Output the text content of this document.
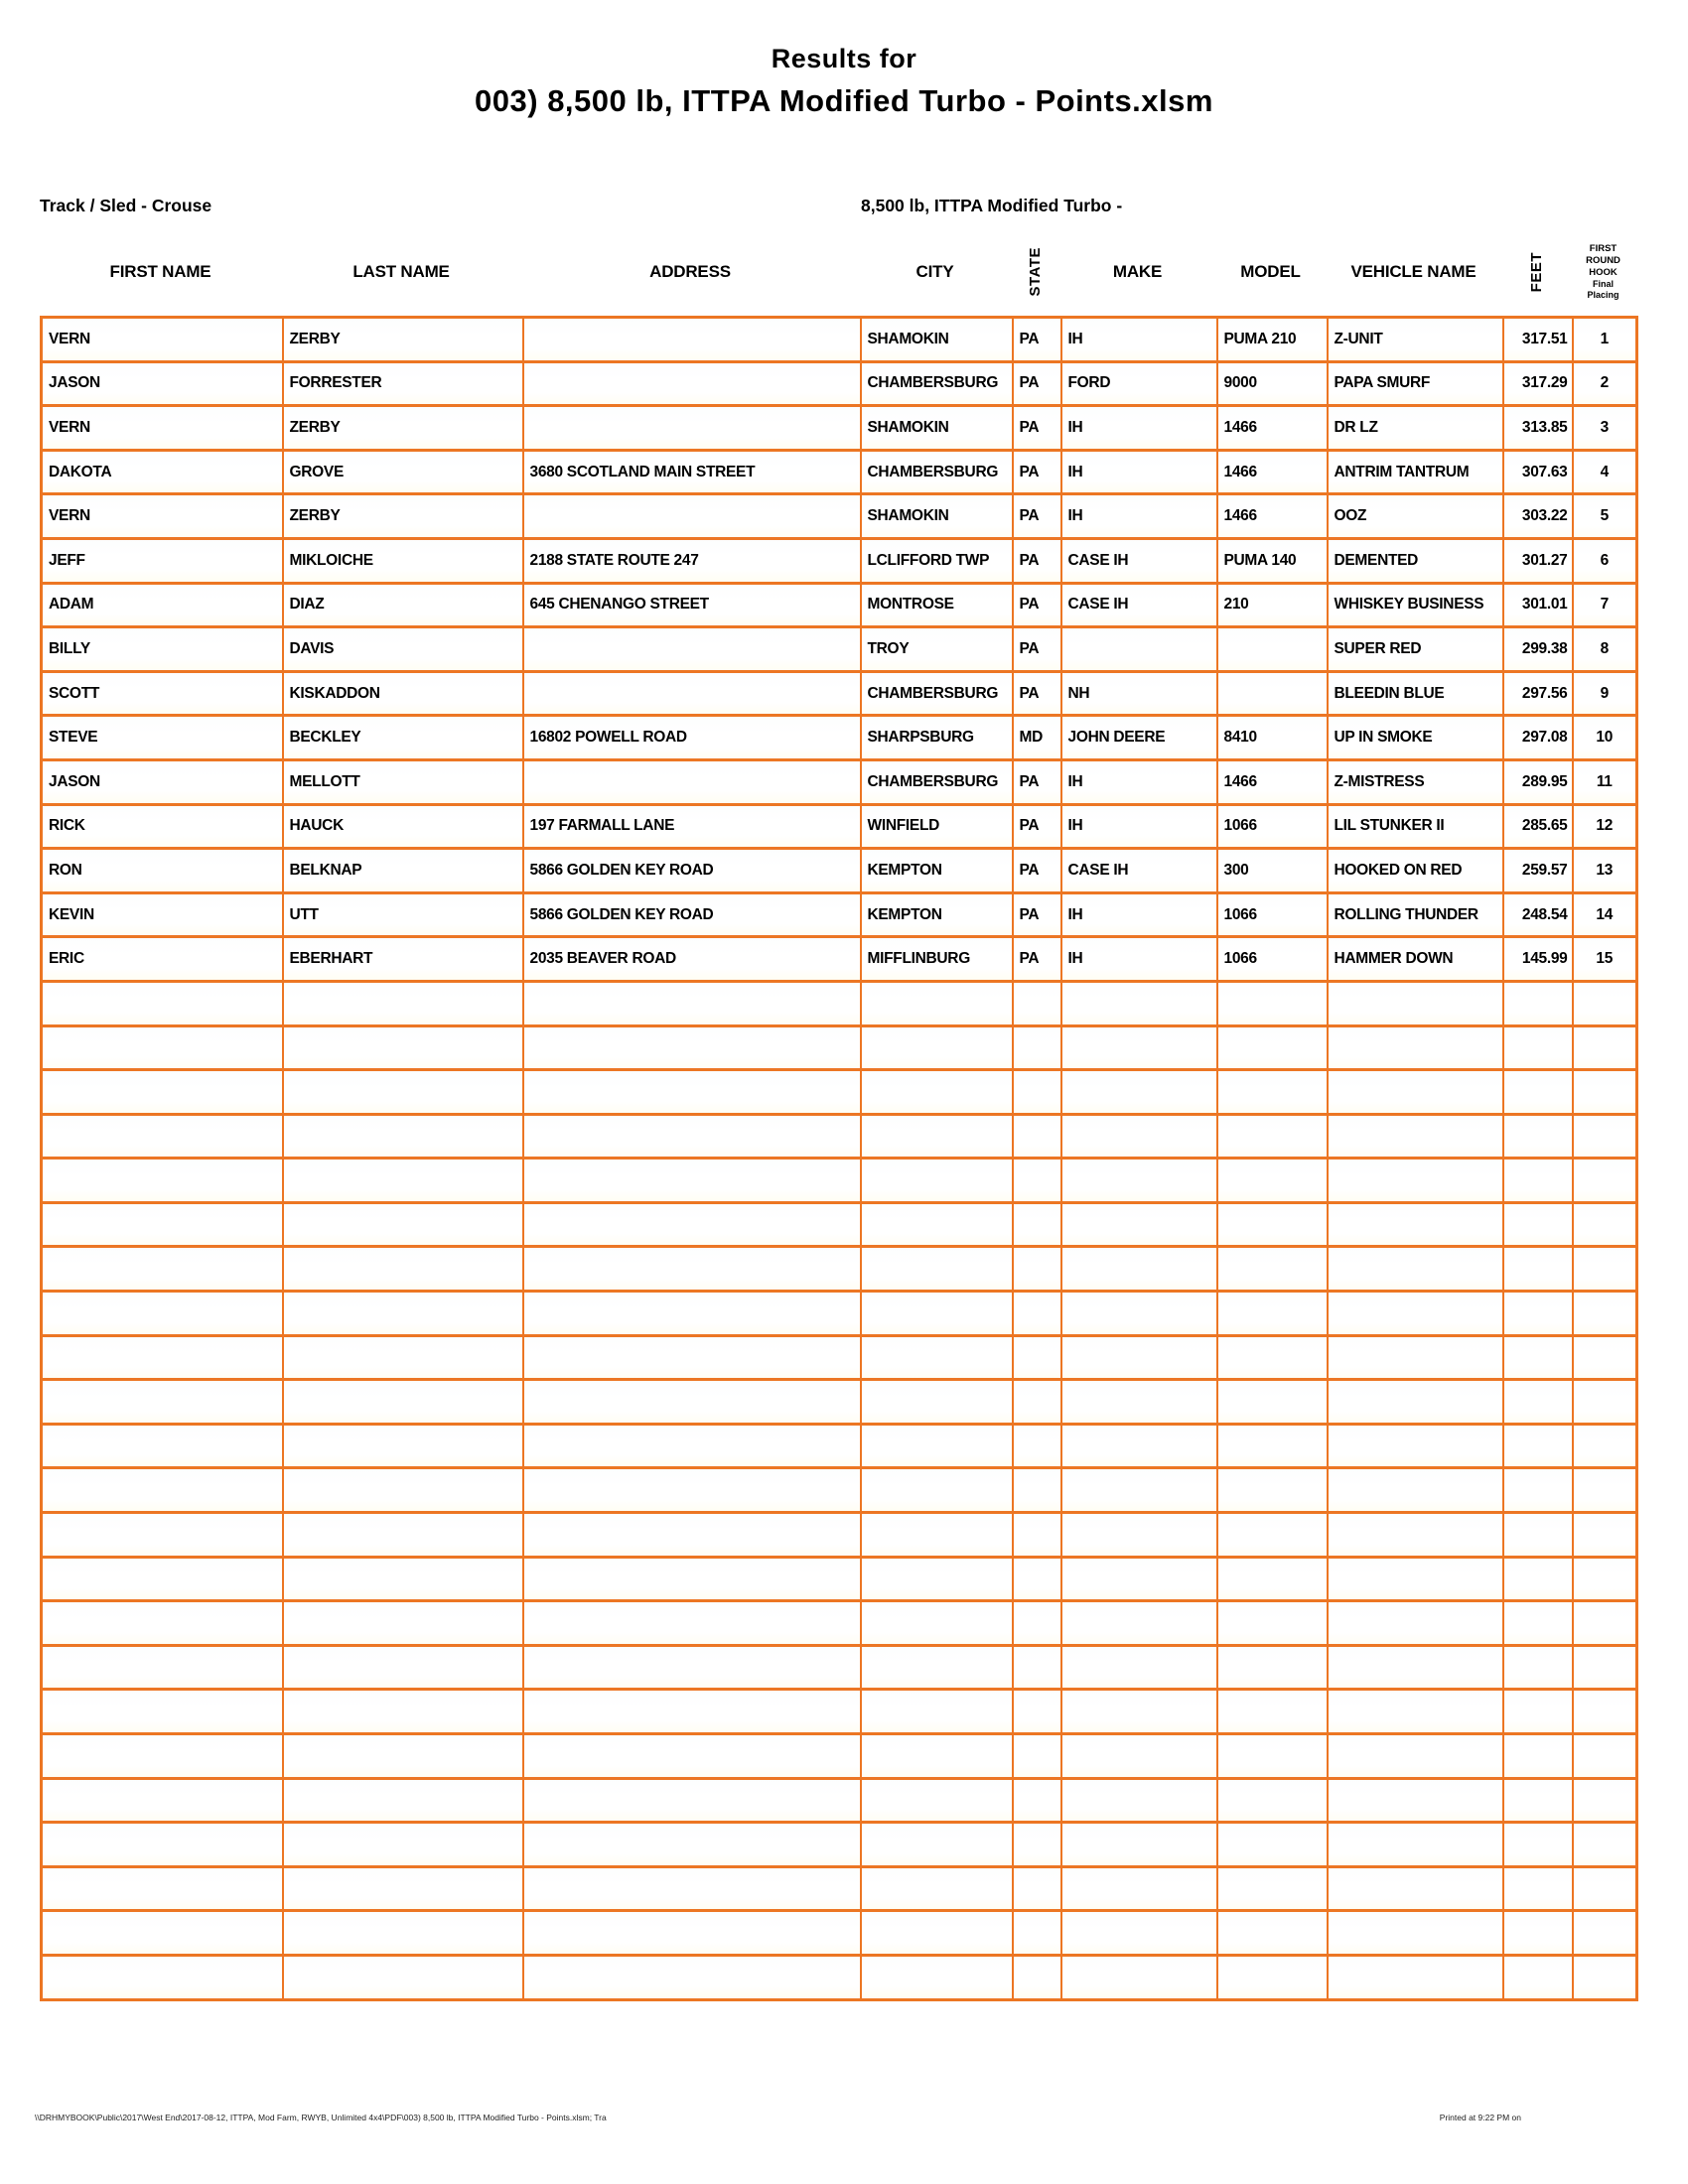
Results for
003) 8,500 lb, ITTPA Modified Turbo - Points.xlsm
Track / Sled - Crouse	8,500 lb, ITTPA Modified Turbo -
FIRST NAME	LAST NAME	ADDRESS	CITY	STATE	MAKE	MODEL	VEHICLE NAME	FEET
FIRST
ROUND
HOOK
Final
Placing
VERN	ZERBY		SHAMOKIN	PA	IH	PUMA 210	Z-UNIT	317.51	1
JASON	FORRESTER		CHAMBERSBURG	PA	FORD	9000	PAPA SMURF	317.29	2
VERN	ZERBY		SHAMOKIN	PA	IH	1466	DR LZ	313.85	3
DAKOTA	GROVE	3680 SCOTLAND MAIN STREET	CHAMBERSBURG	PA	IH	1466	ANTRIM TANTRUM	307.63	4
VERN	ZERBY		SHAMOKIN	PA	IH	1466	OOZ	303.22	5
JEFF	MIKLOICHE	2188 STATE ROUTE 247	LCLIFFORD TWP	PA	CASE IH	PUMA 140	DEMENTED	301.27	6
ADAM	DIAZ	645 CHENANGO STREET	MONTROSE	PA	CASE IH	210	WHISKEY BUSINESS	301.01	7
BILLY	DAVIS		TROY	PA			SUPER RED	299.38	8
SCOTT	KISKADDON		CHAMBERSBURG	PA	NH		BLEEDIN BLUE	297.56	9
STEVE	BECKLEY	16802 POWELL ROAD	SHARPSBURG	MD	JOHN DEERE	8410	UP IN SMOKE	297.08	10
JASON	MELLOTT		CHAMBERSBURG	PA	IH	1466	Z-MISTRESS	289.95	11
RICK	HAUCK	197 FARMALL LANE	WINFIELD	PA	IH	1066	LIL STUNKER II	285.65	12
RON	BELKNAP	5866 GOLDEN KEY ROAD	KEMPTON	PA	CASE IH	300	HOOKED ON RED	259.57	13
KEVIN	UTT	5866 GOLDEN KEY ROAD	KEMPTON	PA	IH	1066	ROLLING THUNDER	248.54	14
ERIC	EBERHART	2035 BEAVER ROAD	MIFFLINBURG	PA	IH	1066	HAMMER DOWN	145.99	15

\\DRHMYBOOK\Public\2017\West End\2017-08-12, ITTPA, Mod Farm, RWYB, Unlimited 4x4\PDF\003) 8,500 lb, ITTPA Modified Turbo - Points.xlsm; Tra	Printed at 9:22 PM on
